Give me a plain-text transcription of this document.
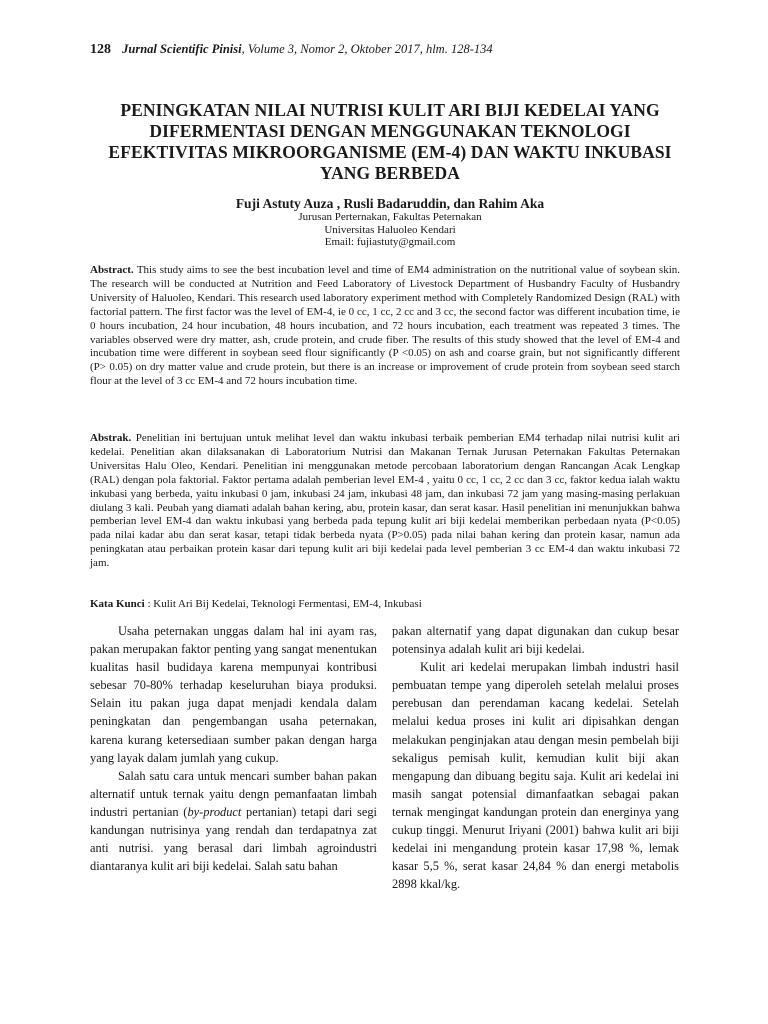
128 Jurnal Scientific Pinisi, Volume 3, Nomor 2, Oktober 2017, hlm. 128-134
PENINGKATAN NILAI NUTRISI KULIT ARI BIJI KEDELAI YANG
DIFERMENTASI DENGAN MENGGUNAKAN TEKNOLOGI
EFEKTIVITAS MIKROORGANISME (EM-4) DAN WAKTU INKUBASI
YANG BERBEDA
Fuji Astuty Auza , Rusli Badaruddin, dan Rahim Aka
Jurusan Perternakan, Fakultas Peternakan
Universitas Haluoleo Kendari
Email: fujiastuty@gmail.com
Abstract. This study aims to see the best incubation level and time of EM4 administration on the nutritional value of soybean skin. The research will be conducted at Nutrition and Feed Laboratory of Livestock Department of Husbandry Faculty of Husbandry University of Haluoleo, Kendari. This research used laboratory experiment method with Completely Randomized Design (RAL) with factorial pattern. The first factor was the level of EM-4, ie 0 cc, 1 cc, 2 cc and 3 cc, the second factor was different incubation time, ie 0 hours incubation, 24 hour incubation, 48 hours incubation, and 72 hours incubation, each treatment was repeated 3 times. The variables observed were dry matter, ash, crude protein, and crude fiber. The results of this study showed that the level of EM-4 and incubation time were different in soybean seed flour significantly (P <0.05) on ash and coarse grain, but not significantly different (P> 0.05) on dry matter value and crude protein, but there is an increase or improvement of crude protein from soybean seed starch flour at the level of 3 cc EM-4 and 72 hours incubation time.
Abstrak. Penelitian ini bertujuan untuk melihat level dan waktu inkubasi terbaik pemberian EM4 terhadap nilai nutrisi kulit ari kedelai. Penelitian akan dilaksanakan di Laboratorium Nutrisi dan Makanan Ternak Jurusan Peternakan Fakultas Peternakan Universitas Halu Oleo, Kendari. Penelitian ini menggunakan metode percobaan laboratorium dengan Rancangan Acak Lengkap (RAL) dengan pola faktorial. Faktor pertama adalah pemberian level EM-4 , yaitu 0 cc, 1 cc, 2 cc dan 3 cc, faktor kedua ialah waktu inkubasi yang berbeda, yaitu inkubasi 0 jam, inkubasi 24 jam, inkubasi 48 jam, dan inkubasi 72 jam yang masing-masing perlakuan diulang 3 kali. Peubah yang diamati adalah bahan kering, abu, protein kasar, dan serat kasar. Hasil penelitian ini menunjukkan bahwa pemberian level EM-4 dan waktu inkubasi yang berbeda pada tepung kulit ari biji kedelai memberikan perbedaan nyata (P<0.05) pada nilai kadar abu dan serat kasar, tetapi tidak berbeda nyata (P>0.05) pada nilai bahan kering dan protein kasar, namun ada peningkatan atau perbaikan protein kasar dari tepung kulit ari biji kedelai pada level pemberian 3 cc EM-4 dan waktu inkubasi 72 jam.
Kata Kunci : Kulit Ari Bij Kedelai, Teknologi Fermentasi, EM-4, Inkubasi

Usaha peternakan unggas dalam hal ini ayam ras, pakan merupakan faktor penting yang sangat menentukan kualitas hasil budidaya karena mempunyai kontribusi sebesar 70-80% terhadap keseluruhan biaya produksi. Selain itu pakan juga dapat menjadi kendala dalam peningkatan dan pengembangan usaha peternakan, karena kurang ketersediaan sumber pakan dengan harga yang layak dalam jumlah yang cukup.

Salah satu cara untuk mencari sumber bahan pakan alternatif untuk ternak yaitu dengn pemanfaatan limbah industri pertanian (by-product pertanian) tetapi dari segi kandungan nutrisinya yang rendah dan terdapatnya zat anti nutrisi. yang berasal dari limbah agroindustri diantaranya kulit ari biji kedelai. Salah satu bahan

pakan alternatif yang dapat digunakan dan cukup besar potensinya adalah kulit ari biji kedelai.

Kulit ari kedelai merupakan limbah industri hasil pembuatan tempe yang diperoleh setelah melalui proses perebusan dan perendaman kacang kedelai. Setelah melalui kedua proses ini kulit ari dipisahkan dengan melakukan penginjakan atau dengan mesin pembelah biji sekaligus pemisah kulit, kemudian kulit biji akan mengapung dan dibuang begitu saja. Kulit ari kedelai ini masih sangat potensial dimanfaatkan sebagai pakan ternak mengingat kandungan protein dan energinya yang cukup tinggi. Menurut Iriyani (2001) bahwa kulit ari biji kedelai ini mengandung protein kasar 17,98 %, lemak kasar 5,5 %, serat kasar 24,84 % dan energi metabolis 2898 kkal/kg.
